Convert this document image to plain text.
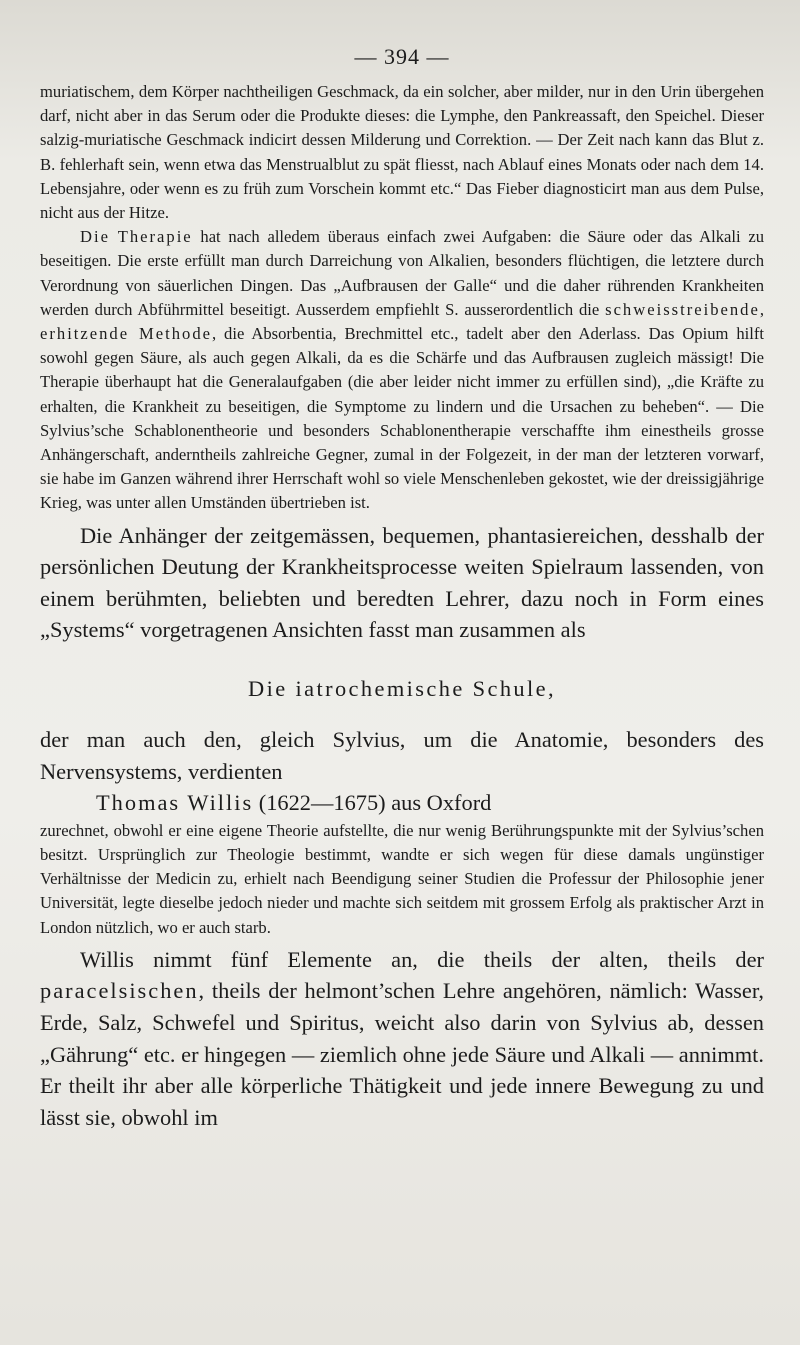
— 394 —

muriatischem, dem Körper nachtheiligen Geschmack, da ein solcher, aber milder, nur in den Urin übergehen darf, nicht aber in das Serum oder die Produkte dieses: die Lymphe, den Pankreassaft, den Speichel. Dieser salzig-muriatische Geschmack indicirt dessen Milderung und Correktion. — Der Zeit nach kann das Blut z. B. fehlerhaft sein, wenn etwa das Menstrualblut zu spät fliesst, nach Ablauf eines Monats oder nach dem 14. Lebensjahre, oder wenn es zu früh zum Vorschein kommt etc.“ Das Fieber diagnosticirt man aus dem Pulse, nicht aus der Hitze.

Die Therapie hat nach alledem überaus einfach zwei Aufgaben: die Säure oder das Alkali zu beseitigen. Die erste erfüllt man durch Darreichung von Alkalien, besonders flüchtigen, die letztere durch Verordnung von säuerlichen Dingen. Das „Aufbrausen der Galle“ und die daher rührenden Krankheiten werden durch Abführmittel beseitigt. Ausserdem empfiehlt S. ausserordentlich die schweisstreibende, erhitzende Methode, die Absorbentia, Brechmittel etc., tadelt aber den Aderlass. Das Opium hilft sowohl gegen Säure, als auch gegen Alkali, da es die Schärfe und das Aufbrausen zugleich mässigt! Die Therapie überhaupt hat die Generalaufgaben (die aber leider nicht immer zu erfüllen sind), „die Kräfte zu erhalten, die Krankheit zu beseitigen, die Symptome zu lindern und die Ursachen zu beheben“. — Die Sylvius’sche Schablonentheorie und besonders Schablonentherapie verschaffte ihm einestheils grosse Anhängerschaft, anderntheils zahlreiche Gegner, zumal in der Folgezeit, in der man der letzteren vorwarf, sie habe im Ganzen während ihrer Herrschaft wohl so viele Menschenleben gekostet, wie der dreissigjährige Krieg, was unter allen Umständen übertrieben ist.

Die Anhänger der zeitgemässen, bequemen, phantasiereichen, desshalb der persönlichen Deutung der Krankheitsprocesse weiten Spielraum lassenden, von einem berühmten, beliebten und beredten Lehrer, dazu noch in Form eines „Systems“ vorgetragenen Ansichten fasst man zusammen als

Die iatrochemische Schule,

der man auch den, gleich Sylvius, um die Anatomie, besonders des Nervensystems, verdienten

Thomas Willis (1622—1675) aus Oxford

zurechnet, obwohl er eine eigene Theorie aufstellte, die nur wenig Berührungspunkte mit der Sylvius’schen besitzt. Ursprünglich zur Theologie bestimmt, wandte er sich wegen für diese damals ungünstiger Verhältnisse der Medicin zu, erhielt nach Beendigung seiner Studien die Professur der Philosophie jener Universität, legte dieselbe jedoch nieder und machte sich seitdem mit grossem Erfolg als praktischer Arzt in London nützlich, wo er auch starb.

Willis nimmt fünf Elemente an, die theils der alten, theils der paracelsischen, theils der helmont’schen Lehre angehören, nämlich: Wasser, Erde, Salz, Schwefel und Spiritus, weicht also darin von Sylvius ab, dessen „Gährung“ etc. er hingegen — ziemlich ohne jede Säure und Alkali — annimmt. Er theilt ihr aber alle körperliche Thätigkeit und jede innere Bewegung zu und lässt sie, obwohl im
